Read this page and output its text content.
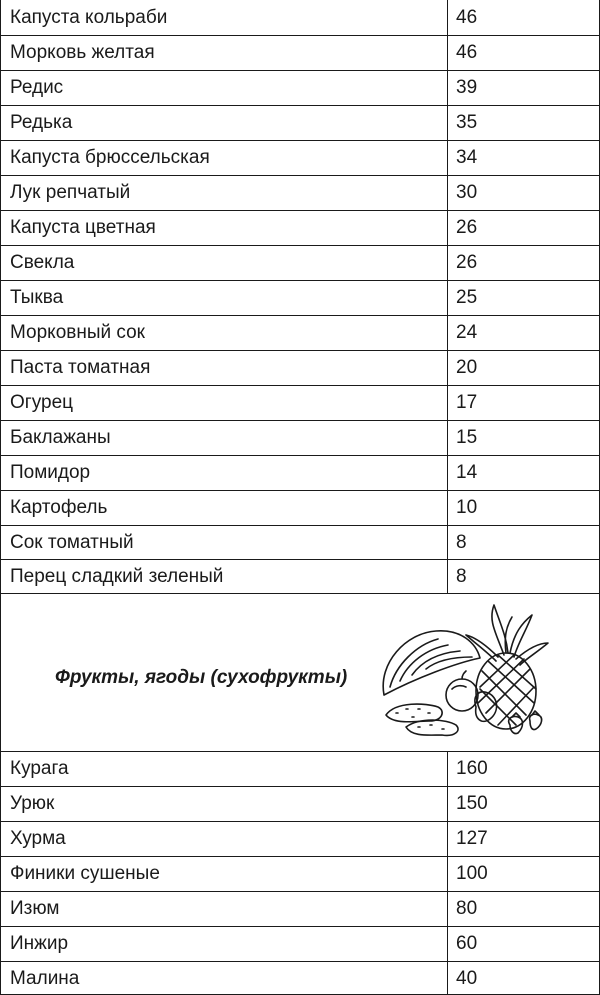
Капуста кольраби	46
Морковь желтая	46
Редис	39
Редька	35
Капуста брюссельская	34
Лук репчатый	30
Капуста цветная	26
Свекла	26
Тыква	25
Морковный сок	24
Паста томатная	20
Огурец	17
Баклажаны	15
Помидор	14
Картофель	10
Сок томатный	8
Перец сладкий зеленый	8
Фрукты, ягоды (сухофрукты)
Курага	160
Урюк	150
Хурма	127
Финики сушеные	100
Изюм	80
Инжир	60
Малина	40
